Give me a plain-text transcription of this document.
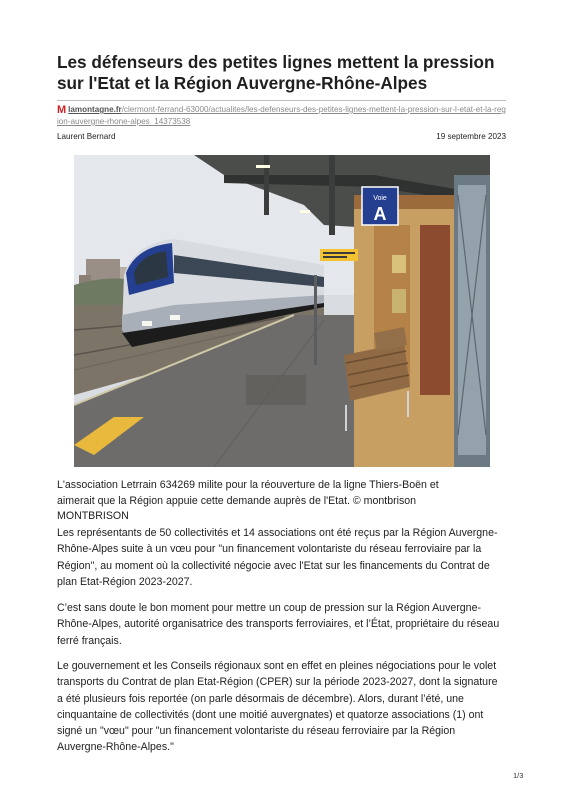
Les défenseurs des petites lignes mettent la pression sur l'Etat et la Région Auvergne-Rhône-Alpes
M lamontagne.fr/clermont-ferrand-63000/actualites/les-defenseurs-des-petites-lignes-mettent-la-pression-sur-l-etat-et-la-region-auvergne-rhone-alpes_14373538
Laurent Bernard	19 septembre 2023
Voie
A
L'association Letrrain 634269 milite pour la réouverture de la ligne Thiers-Boën et
aimerait que la Région appuie cette demande auprès de l'Etat. © montbrison
MONTBRISON

Les représentants de 50 collectivités et 14 associations ont été reçus par la Région Auvergne-Rhône-Alpes suite à un vœu pour "un financement volontariste du réseau ferroviaire par la Région", au moment où la collectivité négocie avec l'Etat sur les financements du Contrat de plan Etat-Région 2023-2027.

C’est sans doute le bon moment pour mettre un coup de pression sur la Région Auvergne-Rhône-Alpes, autorité organisatrice des transports ferroviaires, et l’État, propriétaire du réseau ferré français.

Le gouvernement et les Conseils régionaux sont en effet en pleines négociations pour le volet transports du Contrat de plan Etat-Région (CPER) sur la période 2023-2027, dont la signature a été plusieurs fois reportée (on parle désormais de décembre). Alors, durant l’été, une cinquantaine de collectivités (dont une moitié auvergnates) et quatorze associations (1) ont signé un "vœu" pour "un financement volontariste du réseau ferroviaire par la Région Auvergne-Rhône-Alpes."

1/3
